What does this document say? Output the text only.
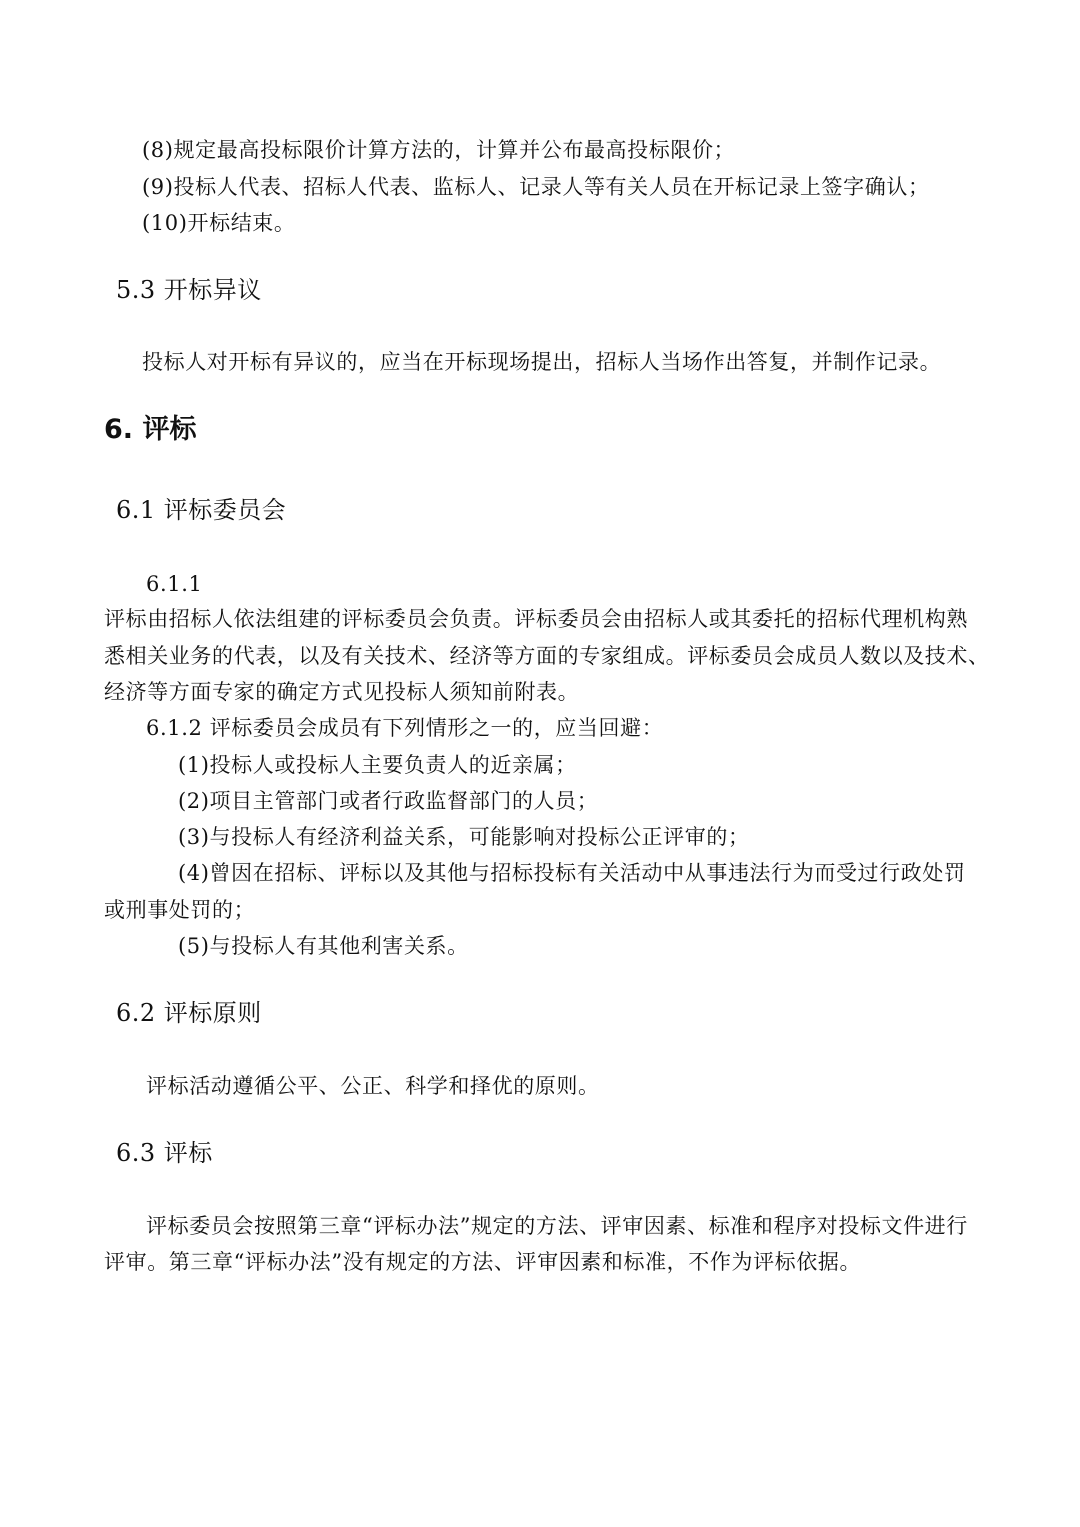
(8)规定最高投标限价计算方法的，计算并公布最高投标限价；
(9)投标人代表、招标人代表、监标人、记录人等有关人员在开标记录上签字确认；
(10)开标结束。
5.3 开标异议
投标人对开标有异议的，应当在开标现场提出，招标人当场作出答复，并制作记录。
6. 评标
6.1 评标委员会
6.1.1
评标由招标人依法组建的评标委员会负责。评标委员会由招标人或其委托的招标代理机构熟
悉相关业务的代表，以及有关技术、经济等方面的专家组成。评标委员会成员人数以及技术、
经济等方面专家的确定方式见投标人须知前附表。
6.1.2 评标委员会成员有下列情形之一的，应当回避：
(1)投标人或投标人主要负责人的近亲属；
(2)项目主管部门或者行政监督部门的人员；
(3)与投标人有经济利益关系，可能影响对投标公正评审的；
(4)曾因在招标、评标以及其他与招标投标有关活动中从事违法行为而受过行政处罚
或刑事处罚的；
(5)与投标人有其他利害关系。
6.2 评标原则
评标活动遵循公平、公正、科学和择优的原则。
6.3 评标
评标委员会按照第三章“评标办法”规定的方法、评审因素、标准和程序对投标文件进行
评审。第三章“评标办法”没有规定的方法、评审因素和标准，不作为评标依据。
